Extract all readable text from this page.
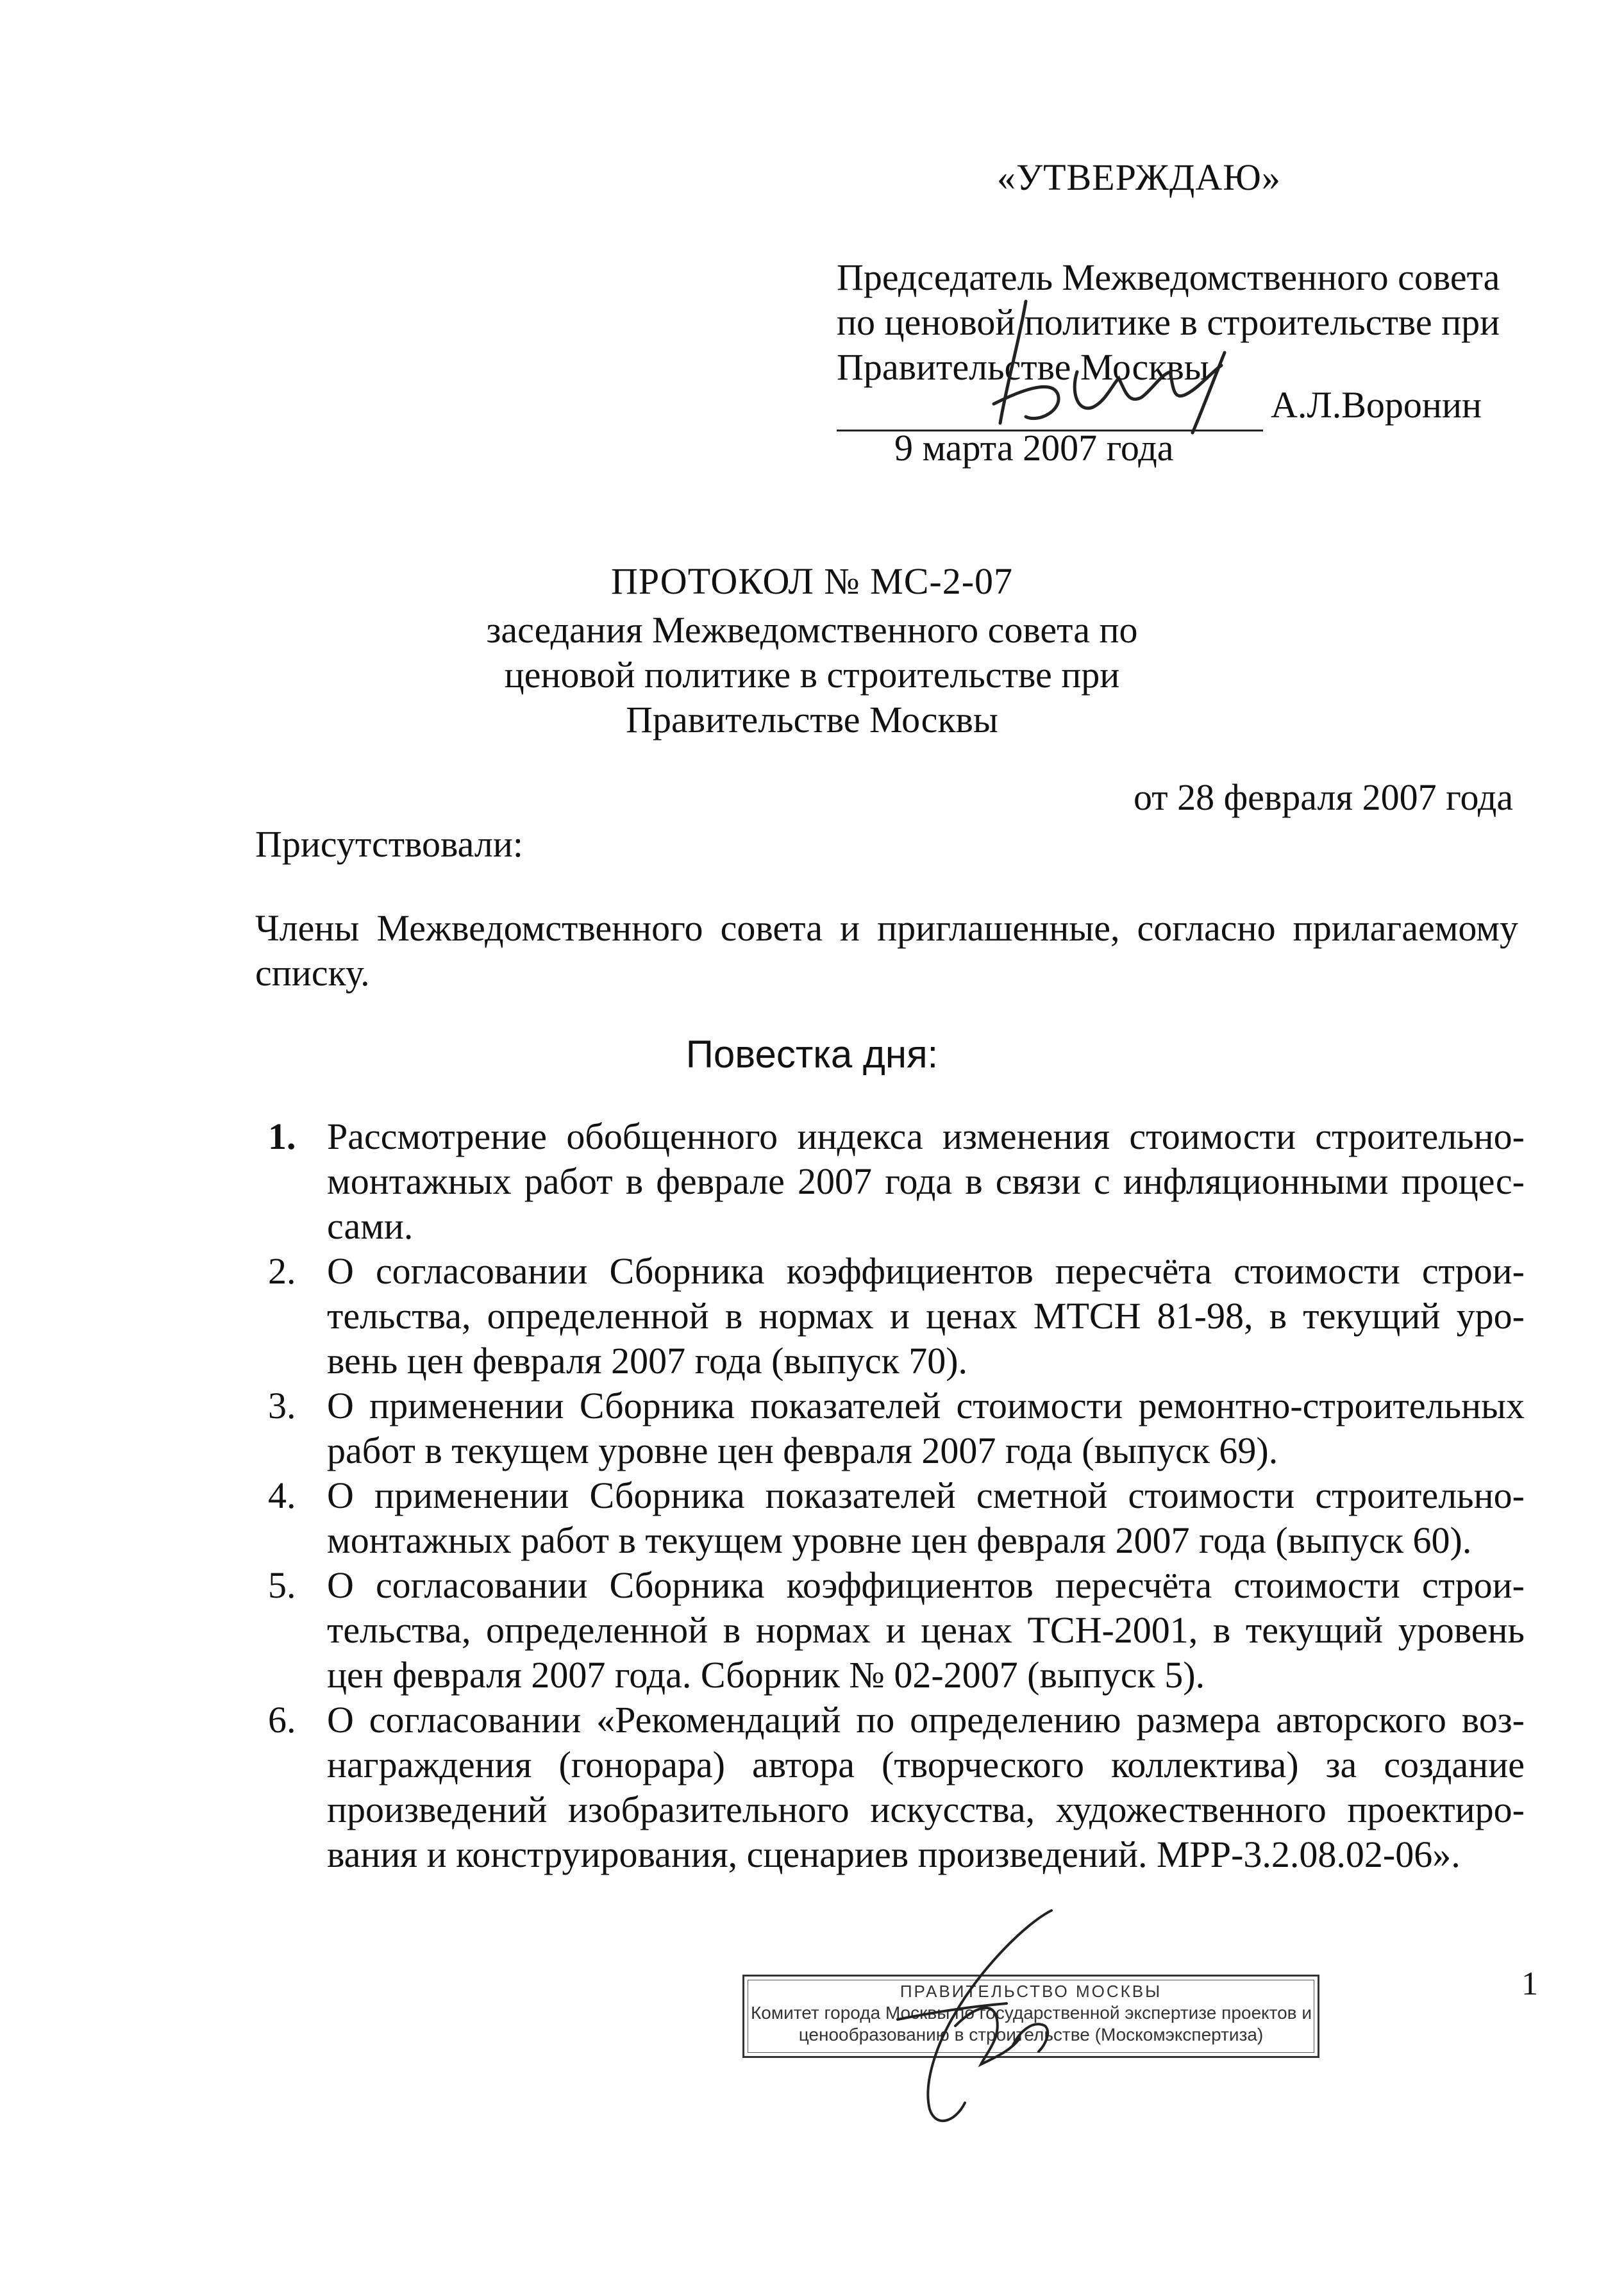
«УТВЕРЖДАЮ»
Председатель Межведомственного совета
по ценовой политике в строительстве при
Правительстве Москвы
А.Л.Воронин
9 марта 2007 года
ПРОТОКОЛ № МС-2-07
заседания Межведомственного совета по
ценовой политике в строительстве при
Правительстве Москвы
от 28 февраля 2007 года
Присутствовали:
Члены Межведомственного совета и приглашенные, согласно прилагаемому
списку.
Повестка дня:
1. Рассмотрение обобщенного индекса изменения стоимости строительно-
монтажных работ в феврале 2007 года в связи с инфляционными процес-
сами.
2. О согласовании Сборника коэффициентов пересчёта стоимости строи-
тельства, определенной в нормах и ценах МТСН 81-98, в текущий уро-
вень цен февраля 2007 года (выпуск 70).
3. О применении Сборника показателей стоимости ремонтно-строительных
работ в текущем уровне цен февраля 2007 года (выпуск 69).
4. О применении Сборника показателей сметной стоимости строительно-
монтажных работ в текущем уровне цен февраля 2007 года (выпуск 60).
5. О согласовании Сборника коэффициентов пересчёта стоимости строи-
тельства, определенной в нормах и ценах ТСН-2001, в текущий уровень
цен февраля 2007 года. Сборник № 02-2007 (выпуск 5).
6. О согласовании «Рекомендаций по определению размера авторского воз-
награждения (гонорара) автора (творческого коллектива) за создание
произведений изобразительного искусства, художественного проектиро-
вания и конструирования, сценариев произведений. МРР-3.2.08.02-06».
ПРАВИТЕЛЬСТВО МОСКВЫ
Комитет города Москвы по государственной экспертизе проектов и
ценообразованию в строительстве (Москомэкспертиза)
1
